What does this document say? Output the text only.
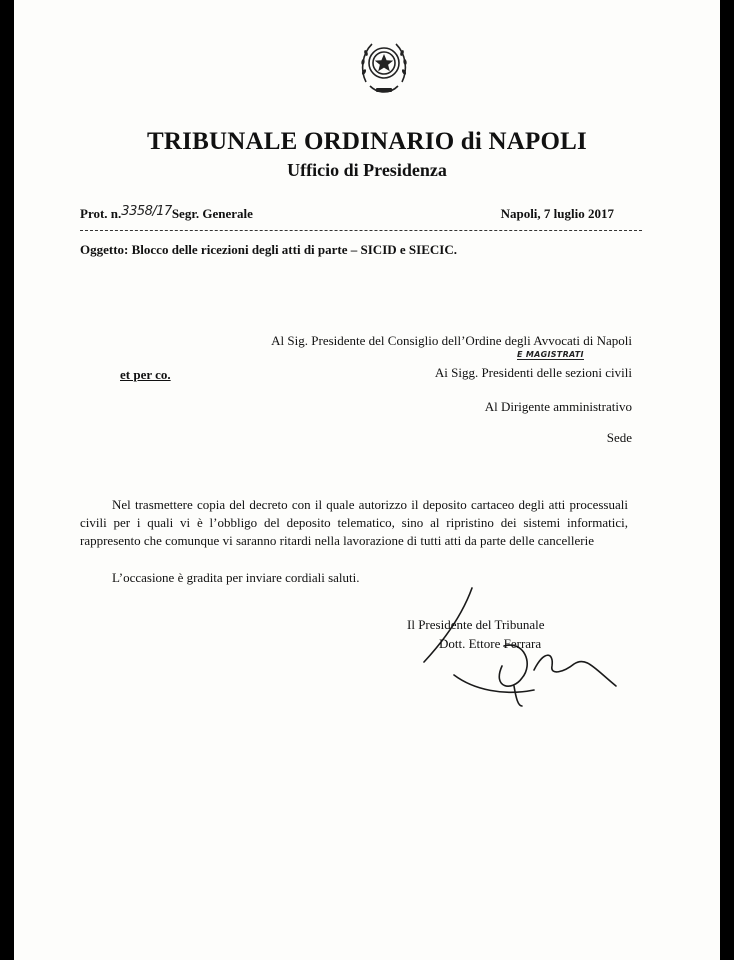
TRIBUNALE ORDINARIO di NAPOLI
Ufficio di Presidenza
Prot. n.3358/17Segr. Generale	Napoli, 7 luglio 2017
Oggetto: Blocco delle ricezioni degli atti di parte – SICID e SIECIC.
Al Sig. Presidente del Consiglio dell’Ordine degli Avvocati di Napoli
et per co.
E MAGISTRATI
Ai Sigg. Presidenti delle sezioni civili
Al Dirigente amministrativo
Sede

Nel trasmettere copia del decreto con il quale autorizzo il deposito cartaceo degli atti processuali civili per i quali vi è l’obbligo del deposito telematico, sino al ripristino dei sistemi informatici, rappresento che comunque vi saranno ritardi nella lavorazione di tutti atti da parte delle cancellerie

L’occasione è gradita per inviare cordiali saluti.
Il Presidente del Tribunale
Dott. Ettore Ferrara
